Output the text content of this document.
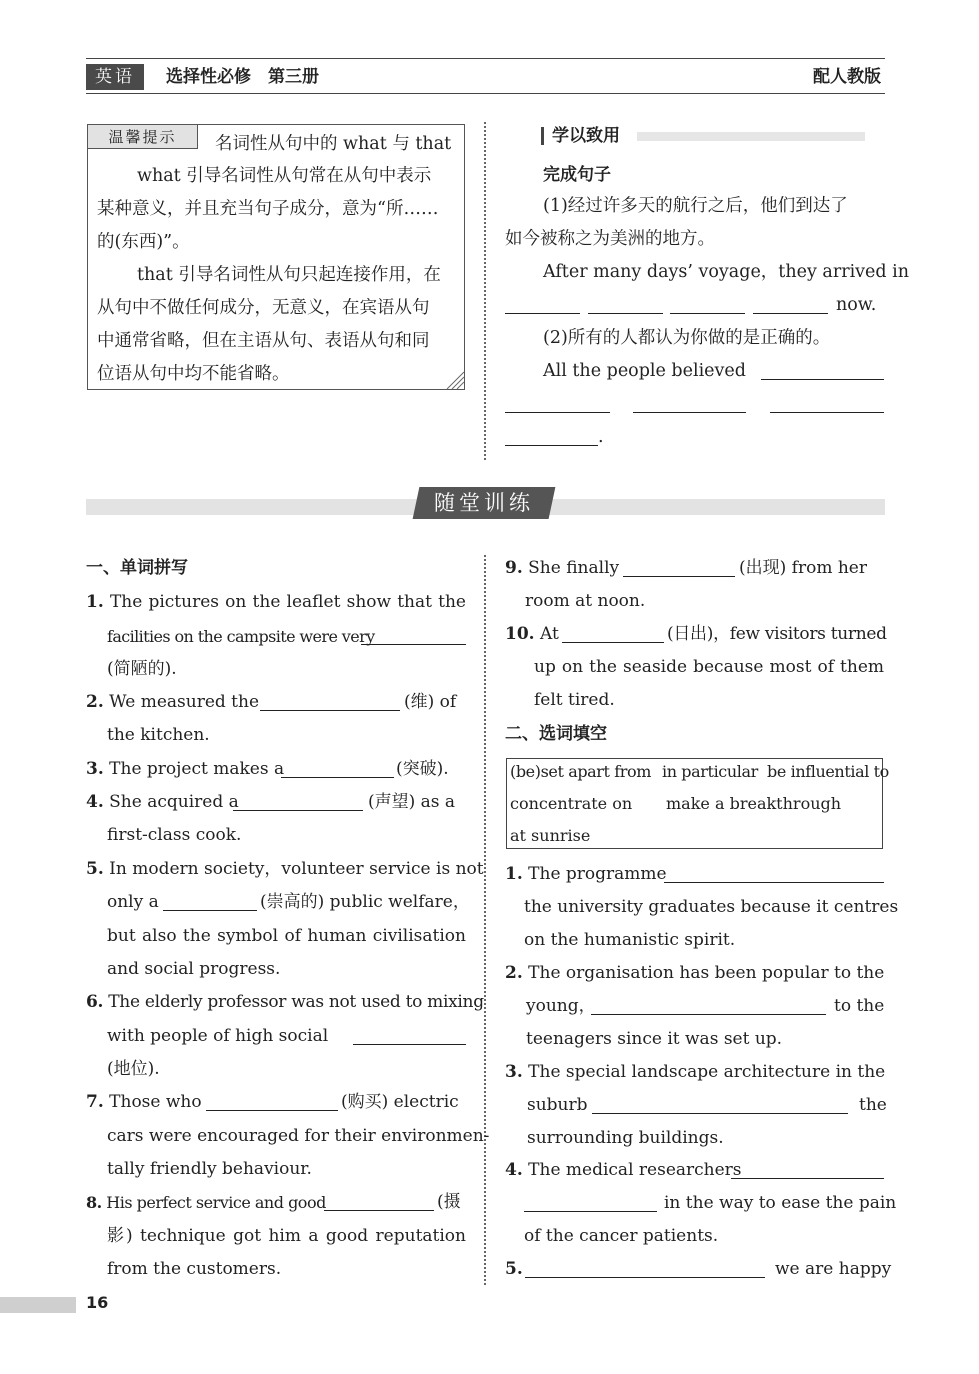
英语	选择性必修　第三册	配人教版
温馨提示	名词性从句中的 what 与 that
what 引导名词性从句常在从句中表示
某种意义，并且充当句子成分，意为“所……
的(东西)”。
that 引导名词性从句只起连接作用，在
从句中不做任何成分，无意义，在宾语从句
中通常省略，但在主语从句、表语从句和同
位语从句中均不能省略。
学以致用
完成句子
(1)经过许多天的航行之后，他们到达了
如今被称之为美洲的地方。
After many days’ voyage，they arrived in
now.
(2)所有的人都认为你做的是正确的。
All the people believed
.
随堂训练
一、单词拼写
1. The pictures on the leaflet show that the
facilities on the campsite were very
(简陋的).
2. We measured the	(维) of
the kitchen.
3. The project makes a	(突破).
4. She acquired a	(声望) as a
first-class cook.
5. In modern society，volunteer service is not
only a	(崇高的) public welfare，
but also the symbol of human civilisation
and social progress.
6. The elderly professor was not used to mixing
with people of high social
(地位).
7. Those who	(购买) electric
cars were encouraged for their environmen-
tally friendly behaviour.
8. His perfect service and good	(摄
影) technique got him a good reputation
from the customers.
9. She finally	(出现) from her
room at noon.
10. At	(日出)，few visitors turned
up on the seaside because most of them
felt tired.
二、选词填空
(be)set apart from in particular be influential to
concentrate on make a breakthrough
at sunrise
1. The programme
the university graduates because it centres
on the humanistic spirit.
2. The organisation has been popular to the
young，	to the
teenagers since it was set up.
3. The special landscape architecture in the
suburb	the
surrounding buildings.
4. The medical researchers
in the way to ease the pain
of the cancer patients.
5.	we are happy
16
